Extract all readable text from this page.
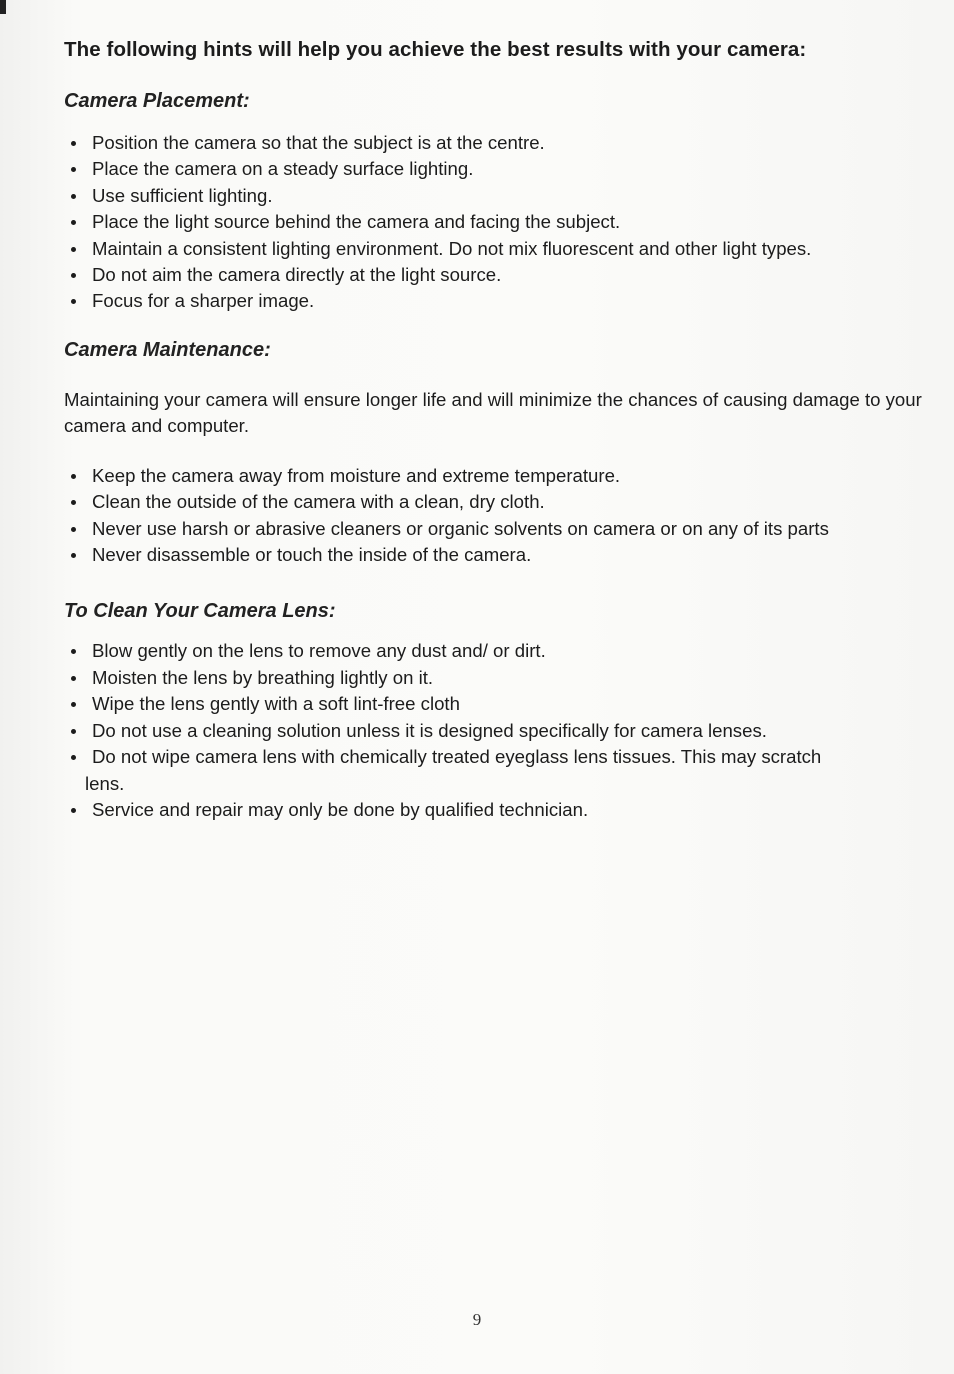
The following hints will help you achieve the best results with your camera:
Camera Placement:
Position the camera so that the subject is at the centre.
Place the camera on a steady surface lighting.
Use sufficient lighting.
Place the light source behind the camera and facing the subject.
Maintain a consistent lighting environment. Do not mix fluorescent and other light types.
Do not aim the camera directly at the light source.
Focus for a sharper image.
Camera Maintenance:

Maintaining your camera will ensure longer life and will minimize the chances of causing damage to your camera and computer.

Keep the camera away from moisture and extreme temperature.
Clean the outside of the camera with a clean, dry cloth.
Never use harsh or abrasive cleaners or organic solvents on camera or on any of its parts
Never disassemble or touch the inside of the camera.
To Clean Your Camera Lens:
Blow gently on the lens to remove any dust and/ or dirt.
Moisten the lens by breathing lightly on it.
Wipe the lens gently with a soft lint-free cloth
Do not use a cleaning solution unless it is designed specifically for camera lenses.
Do not wipe camera lens with chemically treated eyeglass lens tissues. This may scratch
lens.
Service and repair may only be done by qualified technician.
9
